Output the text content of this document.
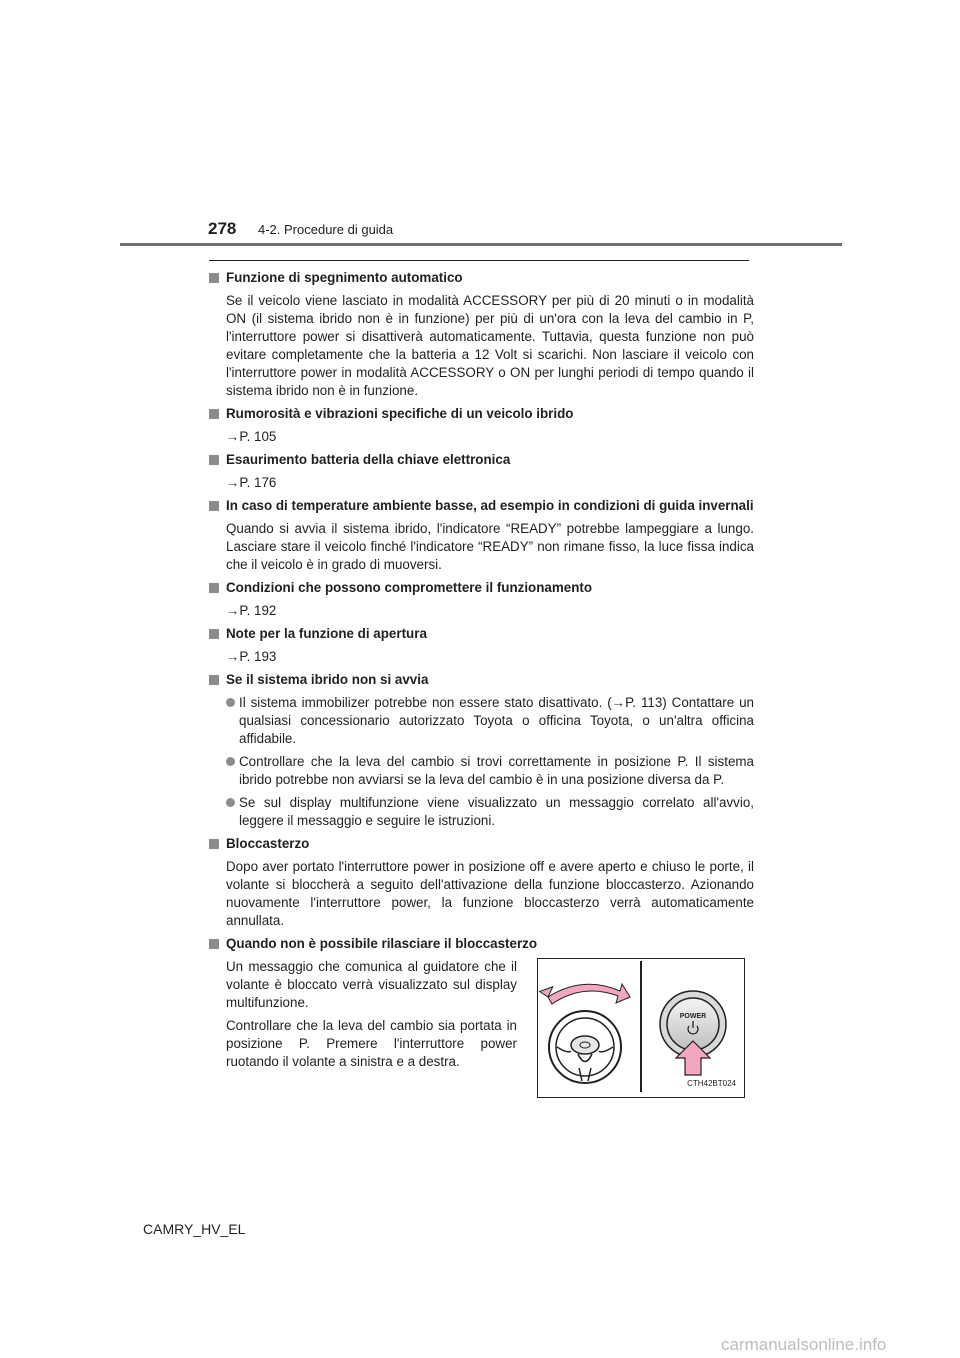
278 4-2. Procedure di guida
Funzione di spegnimento automatico
Se il veicolo viene lasciato in modalità ACCESSORY per più di 20 minuti o in modalità ON (il sistema ibrido non è in funzione) per più di un'ora con la leva del cambio in P, l'interruttore power si disattiverà automaticamente. Tuttavia, questa funzione non può evitare completamente che la batteria a 12 Volt si scarichi. Non lasciare il veicolo con l'interruttore power in modalità ACCESSORY o ON per lunghi periodi di tempo quando il sistema ibrido non è in funzione.
Rumorosità e vibrazioni specifiche di un veicolo ibrido
→P. 105
Esaurimento batteria della chiave elettronica
→P. 176
In caso di temperature ambiente basse, ad esempio in condizioni di guida invernali
Quando si avvia il sistema ibrido, l'indicatore “READY” potrebbe lampeggiare a lungo. Lasciare stare il veicolo finché l'indicatore “READY” non rimane fisso, la luce fissa indica che il veicolo è in grado di muoversi.
Condizioni che possono compromettere il funzionamento
→P. 192
Note per la funzione di apertura
→P. 193
Se il sistema ibrido non si avvia
Il sistema immobilizer potrebbe non essere stato disattivato. (→P. 113) Contattare un qualsiasi concessionario autorizzato Toyota o officina Toyota, o un'altra officina affidabile.
Controllare che la leva del cambio si trovi correttamente in posizione P. Il sistema ibrido potrebbe non avviarsi se la leva del cambio è in una posizione diversa da P.
Se sul display multifunzione viene visualizzato un messaggio correlato all'avvio, leggere il messaggio e seguire le istruzioni.
Bloccasterzo
Dopo aver portato l'interruttore power in posizione off e avere aperto e chiuso le porte, il volante si bloccherà a seguito dell'attivazione della funzione bloccasterzo. Azionando nuovamente l'interruttore power, la funzione bloccasterzo verrà automaticamente annullata.
Quando non è possibile rilasciare il bloccasterzo

Un messaggio che comunica al guidatore che il volante è bloccato verrà visualizzato sul display multifunzione.

Controllare che la leva del cambio sia portata in posizione P. Premere l'interruttore power ruotando il volante a sinistra e a destra.

POWER
CTH42BT024
CAMRY_HV_EL
carmanualsonline.info
